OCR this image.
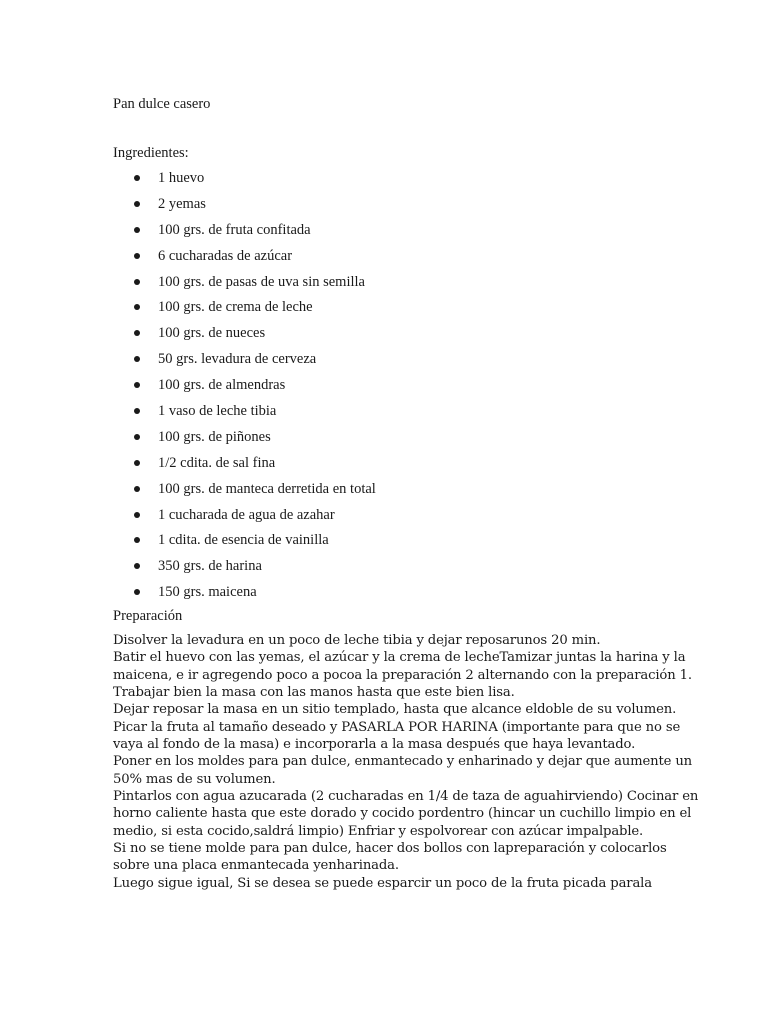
Pan dulce casero
Ingredientes:
1 huevo
2 yemas
100 grs. de fruta confitada
6 cucharadas de azúcar
100 grs. de pasas de uva sin semilla
100 grs. de crema de leche
100 grs. de nueces
50 grs. levadura de cerveza
100 grs. de almendras
1 vaso de leche tibia
100 grs. de piñones
1/2 cdita. de sal fina
100 grs. de manteca derretida en total
1 cucharada de agua de azahar
1 cdita. de esencia de vainilla
350 grs. de harina
150 grs. maicena
Preparación
Disolver la levadura en un poco de leche tibia y dejar reposarunos 20 min.
Batir el huevo con las yemas, el azúcar y la crema de lecheTamizar juntas la harina y la
maicena, e ir agregendo poco a pocoa la preparación 2 alternando con la preparación 1.
Trabajar bien la masa con las manos hasta que este bien lisa.
Dejar reposar la masa en un sitio templado, hasta que alcance eldoble de su volumen.
Picar la fruta al tamaño deseado y PASARLA POR HARINA (importante para que no se
vaya al fondo de la masa) e incorporarla a la masa después que haya levantado.
Poner en los moldes para pan dulce, enmantecado y enharinado y dejar que aumente un
50% mas de su volumen.
Pintarlos con agua azucarada (2 cucharadas en 1/4 de taza de aguahirviendo) Cocinar en
horno caliente hasta que este dorado y cocido pordentro (hincar un cuchillo limpio en el
medio, si esta cocido,saldrá limpio) Enfriar y espolvorear con azúcar impalpable.
Si no se tiene molde para pan dulce, hacer dos bollos con lapreparación y colocarlos
sobre una placa enmantecada yenharinada.
Luego sigue igual, Si se desea se puede esparcir un poco de la fruta picada parala
